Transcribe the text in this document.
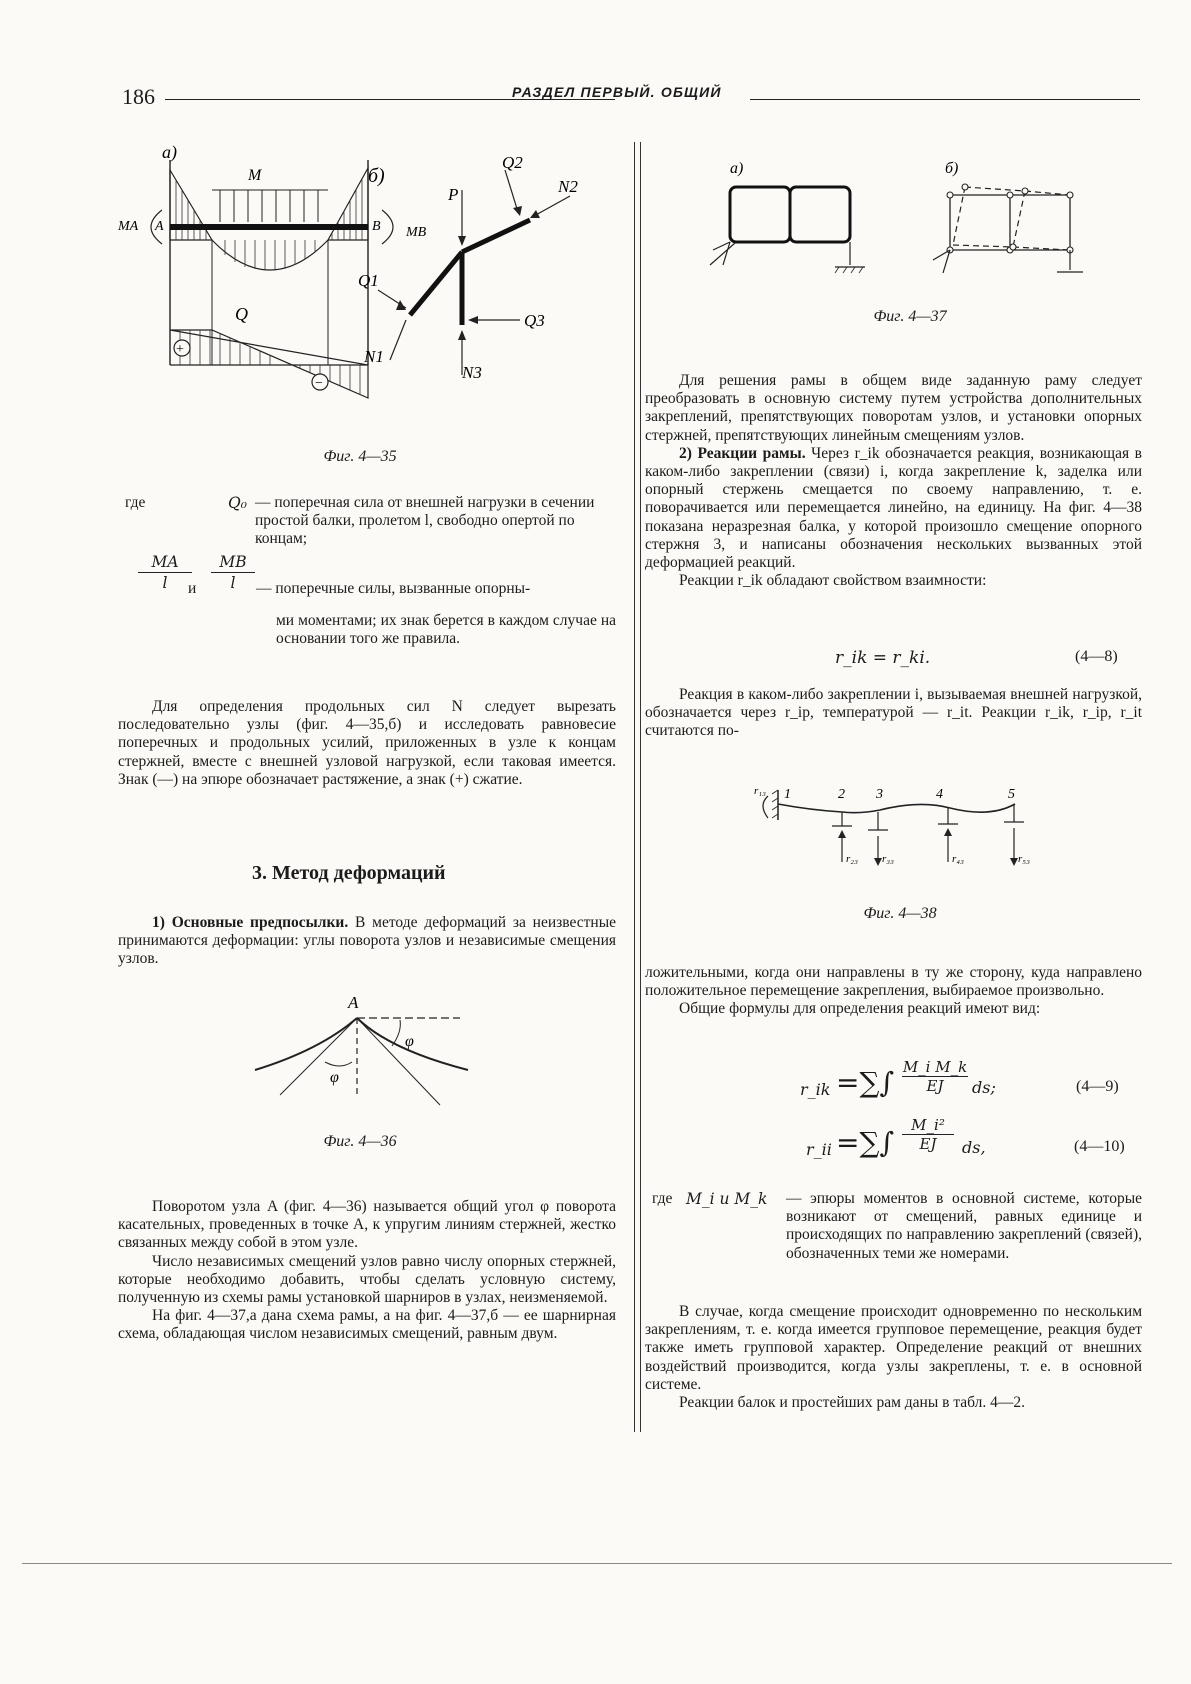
186	РАЗДЕЛ ПЕРВЫЙ. ОБЩИЙ
а)
M
A	B
MA	MB
Q
+
−
б)
P
Q2
N2
Q1
N1
Q3
N3
Фиг. 4—35
где	Q₀ — поперечная сила от внешней нагрузки в сечении простой балки, пролетом l, свободно опертой по концам;
MA
l	и
MB
l	— поперечные силы, вызванные опорны-
ми моментами; их знак берется в каждом случае на основании того же правила.

Для определения продольных сил N следует вырезать последовательно узлы (фиг. 4—35,б) и исследовать равновесие поперечных и продольных усилий, приложенных в узле к концам стержней, вместе с внешней узловой нагрузкой, если таковая имеется. Знак (—) на эпюре обозначает растяжение, а знак (+) сжатие.

3. Метод деформаций

1) Основные предпосылки. В методе деформаций за неизвестные принимаются деформации: углы поворота узлов и независимые смещения узлов.

A
φ
φ
Фиг. 4—36

Поворотом узла A (фиг. 4—36) называется общий угол φ поворота касательных, проведенных в точке A, к упругим линиям стержней, жестко связанных между собой в этом узле.

Число независимых смещений узлов равно числу опорных стержней, которые необходимо добавить, чтобы сделать условную систему, полученную из схемы рамы установкой шарниров в узлах, неизменяемой.

На фиг. 4—37,а дана схема рамы, а на фиг. 4—37,б — ее шарнирная схема, обладающая числом независимых смещений, равным двум.

а)	б)
Фиг. 4—37

Для решения рамы в общем виде заданную раму следует преобразовать в основную систему путем устройства дополнительных закреплений, препятствующих поворотам узлов, и установки опорных стержней, препятствующих линейным смещениям узлов.

2) Реакции рамы. Через r_ik обозначается реакция, возникающая в каком-либо закреплении (связи) i, когда закрепление k, заделка или опорный стержень смещается по своему направлению, т. е. поворачивается или перемещается линейно, на единицу. На фиг. 4—38 показана неразрезная балка, у которой произошло смещение опорного стержня 3, и написаны обозначения нескольких вызванных этой деформацией реакций.

Реакции r_ik обладают свойством взаимности:

r_ik = r_ki.	(4—8)

Реакция в каком-либо закреплении i, вызываемая внешней нагрузкой, обозначается через r_ip, температурой — r_it. Реакции r_ik, r_ip, r_it считаются по-

r₁₃ 1	2 3	4	5
r₂₃ r₃₃	r₄₃	r₅₃
Фиг. 4—38

ложительными, когда они направлены в ту же сторону, куда направлено положительное перемещение закрепления, выбираемое произвольно.

Общие формулы для определения реакций имеют вид:

r_ik =∑∫ M_i M_k
EJ	ds;	(4—9)
r_ii =∑∫
M_i²
EJ	ds,	(4—10)
где M_i и M_k — эпюры моментов в основной системе, которые возникают от смещений, равных единице и происходящих по направлению закреплений (связей), обозначенных теми же номерами.

В случае, когда смещение происходит одновременно по нескольким закреплениям, т. е. когда имеется групповое перемещение, реакция будет также иметь групповой характер. Определение реакций от внешних воздействий производится, когда узлы закреплены, т. е. в основной системе.

Реакции балок и простейших рам даны в табл. 4—2.
